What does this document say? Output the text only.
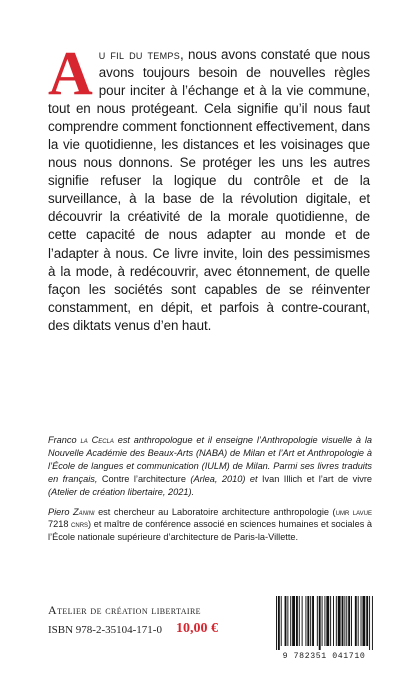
A u fil du temps, nous avons constaté que nous avons toujours besoin de nouvelles règles pour inciter à l’échange et à la vie commune, tout en nous protégeant. Cela signifie qu’il nous faut comprendre comment fonctionnent effectivement, dans la vie quotidienne, les distances et les voisinages que nous nous donnons. Se protéger les uns les autres signifie refuser la logique du contrôle et de la surveillance, à la base de la révolution digitale, et découvrir la créativité de la morale quotidienne, de cette capacité de nous adapter au monde et de l’adapter à nous. Ce livre invite, loin des pessimismes à la mode, à redécouvrir, avec étonnement, de quelle façon les sociétés sont capables de se réinventer constamment, en dépit, et parfois à contre-courant, des diktats venus d’en haut.

Franco la Cecla est anthropologue et il enseigne l’Anthropologie visuelle à la Nouvelle Académie des Beaux-Arts (NABA) de Milan et l’Art et Anthropologie à l’École de langues et communication (IULM) de Milan. Parmi ses livres traduits en français, Contre l’architecture (Arlea, 2010) et Ivan Illich et l’art de vivre (Atelier de création libertaire, 2021).

Piero Zanini est chercheur au Laboratoire architecture anthropologie (umr lavue 7218 cnrs) et maître de conférence associé en sciences humaines et sociales à l’École nationale supérieure d’architecture de Paris-la-Villette.

Atelier de création libertaire
ISBN 978-2-35104-171-0 10,00 €
9 782351 041710
